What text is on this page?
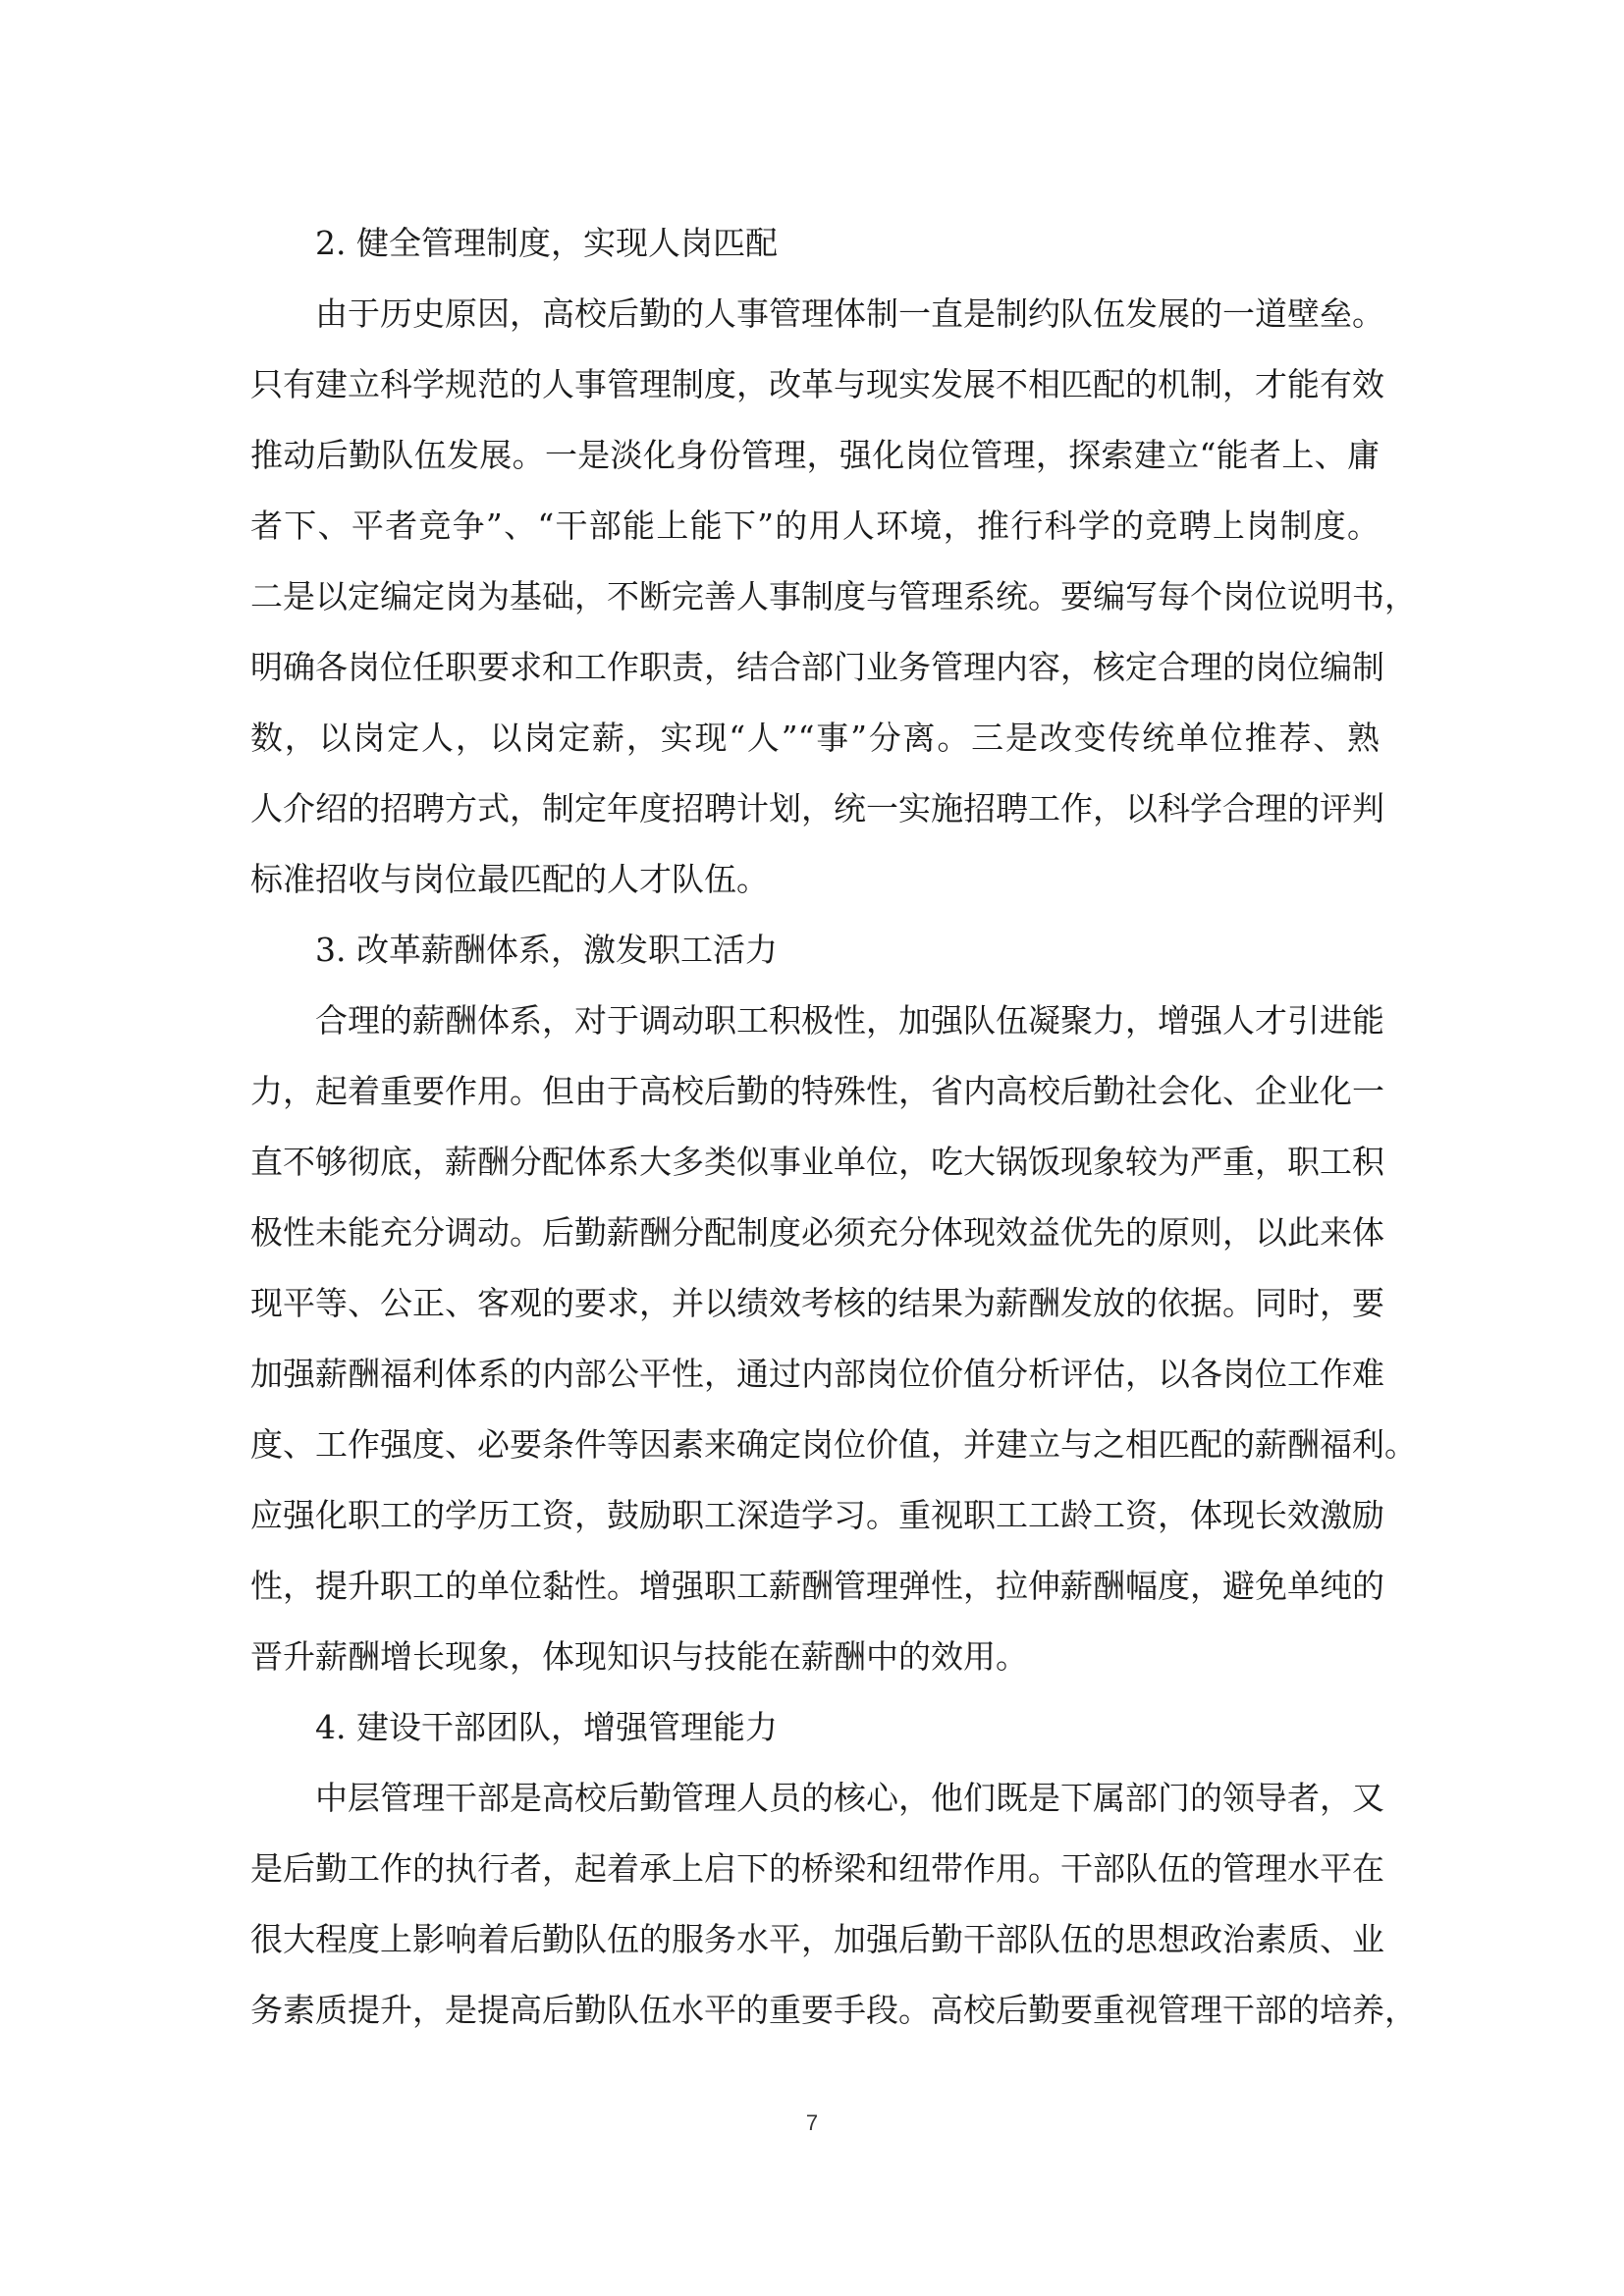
2. 健全管理制度，实现人岗匹配
由于历史原因，高校后勤的人事管理体制一直是制约队伍发展的一道壁垒。
只有建立科学规范的人事管理制度，改革与现实发展不相匹配的机制，才能有效
推动后勤队伍发展。一是淡化身份管理，强化岗位管理，探索建立“能者上、庸
者下、平者竞争”、“干部能上能下”的用人环境，推行科学的竞聘上岗制度。
二是以定编定岗为基础，不断完善人事制度与管理系统。要编写每个岗位说明书，
明确各岗位任职要求和工作职责，结合部门业务管理内容，核定合理的岗位编制
数，以岗定人，以岗定薪，实现“人”“事”分离。三是改变传统单位推荐、熟
人介绍的招聘方式，制定年度招聘计划，统一实施招聘工作，以科学合理的评判
标准招收与岗位最匹配的人才队伍。
3. 改革薪酬体系，激发职工活力
合理的薪酬体系，对于调动职工积极性，加强队伍凝聚力，增强人才引进能
力，起着重要作用。但由于高校后勤的特殊性，省内高校后勤社会化、企业化一
直不够彻底，薪酬分配体系大多类似事业单位，吃大锅饭现象较为严重，职工积
极性未能充分调动。后勤薪酬分配制度必须充分体现效益优先的原则，以此来体
现平等、公正、客观的要求，并以绩效考核的结果为薪酬发放的依据。同时，要
加强薪酬福利体系的内部公平性，通过内部岗位价值分析评估，以各岗位工作难
度、工作强度、必要条件等因素来确定岗位价值，并建立与之相匹配的薪酬福利。
应强化职工的学历工资，鼓励职工深造学习。重视职工工龄工资，体现长效激励
性，提升职工的单位黏性。增强职工薪酬管理弹性，拉伸薪酬幅度，避免单纯的
晋升薪酬增长现象，体现知识与技能在薪酬中的效用。
4. 建设干部团队，增强管理能力
中层管理干部是高校后勤管理人员的核心，他们既是下属部门的领导者，又
是后勤工作的执行者，起着承上启下的桥梁和纽带作用。干部队伍的管理水平在
很大程度上影响着后勤队伍的服务水平，加强后勤干部队伍的思想政治素质、业
务素质提升，是提高后勤队伍水平的重要手段。高校后勤要重视管理干部的培养，
7
